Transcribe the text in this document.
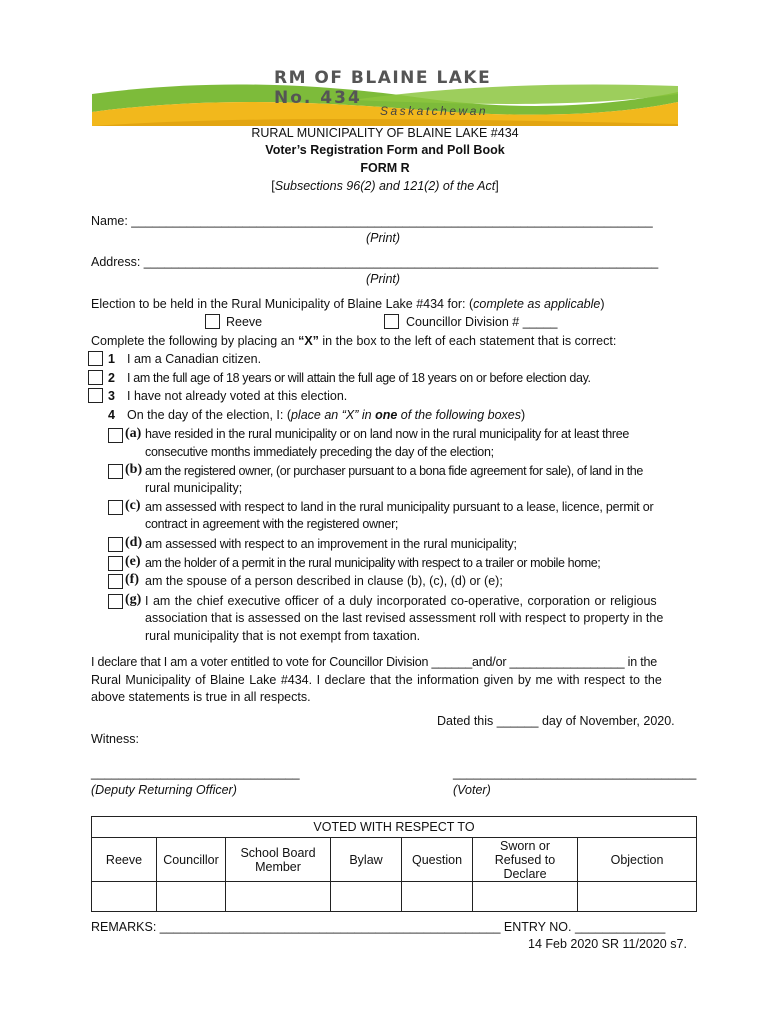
RM OF BLAINE LAKE
No. 434
Saskatchewan
RURAL MUNICIPALITY OF BLAINE LAKE #434
Voter’s Registration Form and Poll Book
FORM R
[Subsections 96(2) and 121(2) of the Act]
Name: ___________________________________________________________________________
(Print)
Address: __________________________________________________________________________
(Print)
Election to be held in the Rural Municipality of Blaine Lake #434 for: (complete as applicable)
Reeve	Councillor Division # _____
Complete the following by placing an “X” in the box to the left of each statement that is correct:
1 I am a Canadian citizen.
2 I am the full age of 18 years or will attain the full age of 18 years on or before election day.
3 I have not already voted at this election.
4 On the day of the election, I: (place an “X” in one of the following boxes)
(a) have resided in the rural municipality or on land now in the rural municipality for at least three
consecutive months immediately preceding the day of the election;
(b) am the registered owner, (or purchaser pursuant to a bona fide agreement for sale), of land in the
rural municipality;
(c) am assessed with respect to land in the rural municipality pursuant to a lease, licence, permit or
contract in agreement with the registered owner;
(d) am assessed with respect to an improvement in the rural municipality;
(e) am the holder of a permit in the rural municipality with respect to a trailer or mobile home;
(f) am the spouse of a person described in clause (b), (c), (d) or (e);
(g) I am the chief executive officer of a duly incorporated co-operative, corporation or religious
association that is assessed on the last revised assessment roll with respect to property in the
rural municipality that is not exempt from taxation.
I declare that I am a voter entitled to vote for Councillor Division ______and/or _________________ in the
Rural Municipality of Blaine Lake #434. I declare that the information given by me with respect to the
above statements is true in all respects.
Dated this ______ day of November, 2020.
Witness:
______________________________	___________________________________
(Deputy Returning Officer)	(Voter)
VOTED WITH RESPECT TO						
Reeve	Councillor	School Board Member	Bylaw	Question	Sworn or Refused to Declare	Objection

REMARKS: _________________________________________________ ENTRY NO. _____________
14 Feb 2020 SR 11/2020 s7.
